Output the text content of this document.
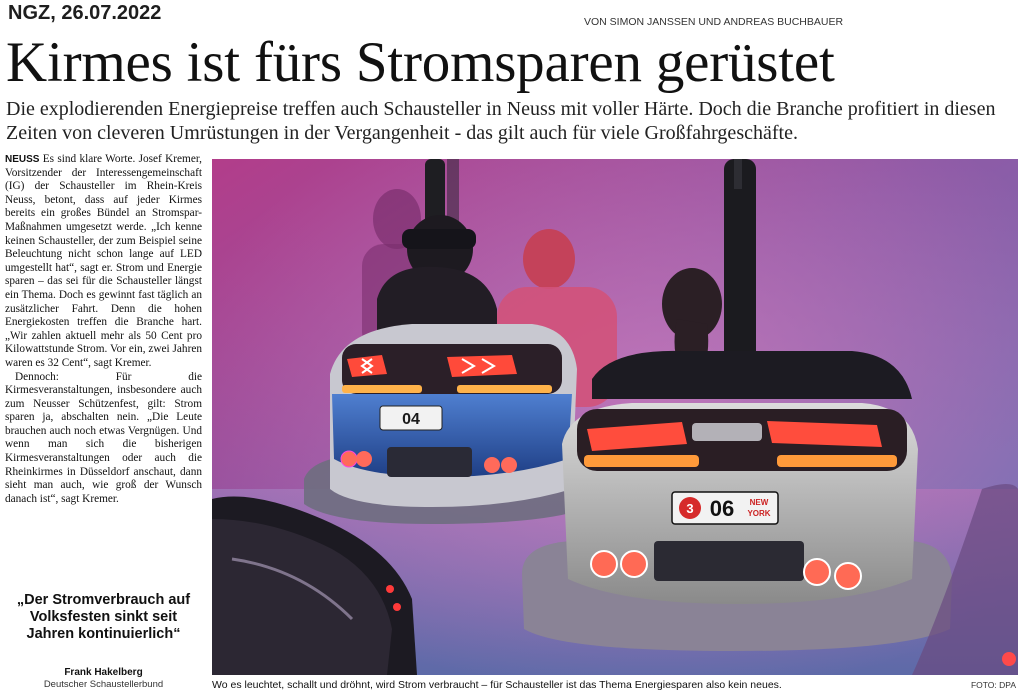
NGZ, 26.07.2022	VON SIMON JANSSEN UND ANDREAS BUCHBAUER
Kirmes ist fürs Stromsparen gerüstet
Die explodierenden Energiepreise treffen auch Schausteller in Neuss mit voller Härte. Doch die Branche profitiert in diesen Zeiten von cleveren Umrüstungen in der Vergangenheit - das gilt auch für viele Großfahrgeschäfte.

NEUSS Es sind klare Worte. Josef Kremer, Vorsitzender der Interessengemeinschaft (IG) der Schausteller im Rhein-Kreis Neuss, betont, dass auf jeder Kirmes bereits ein großes Bündel an Stromspar-Maßnahmen umgesetzt werde. „Ich kenne keinen Schausteller, der zum Beispiel seine Beleuchtung nicht schon lange auf LED umgestellt hat“, sagt er. Strom und Energie sparen – das sei für die Schausteller längst ein Thema. Doch es gewinnt fast täglich an zusätzlicher Fahrt. Denn die hohen Energiekosten treffen die Branche hart. „Wir zahlen aktuell mehr als 50 Cent pro Kilowattstunde Strom. Vor ein, zwei Jahren waren es 32 Cent“, sagt Kremer.

Dennoch: Für die Kirmesveranstaltungen, insbesondere auch zum Neusser Schützenfest, gilt: Strom sparen ja, abschalten nein. „Die Leute brauchen auch noch etwas Vergnügen. Und wenn man sich die bisherigen Kirmesveranstaltungen oder auch die Rheinkirmes in Düsseldorf anschaut, dann sieht man auch, wie groß der Wunsch danach ist“, sagt Kremer.

„Der Stromverbrauch auf Volksfesten sinkt seit Jahren kontinuierlich“
Frank Hakelberg
Deutscher Schaustellerbund
04
3 06 NEW
YORK
Wo es leuchtet, schallt und dröhnt, wird Strom verbraucht – für Schausteller ist das Thema Energiesparen also kein neues.	FOTO: DPA
